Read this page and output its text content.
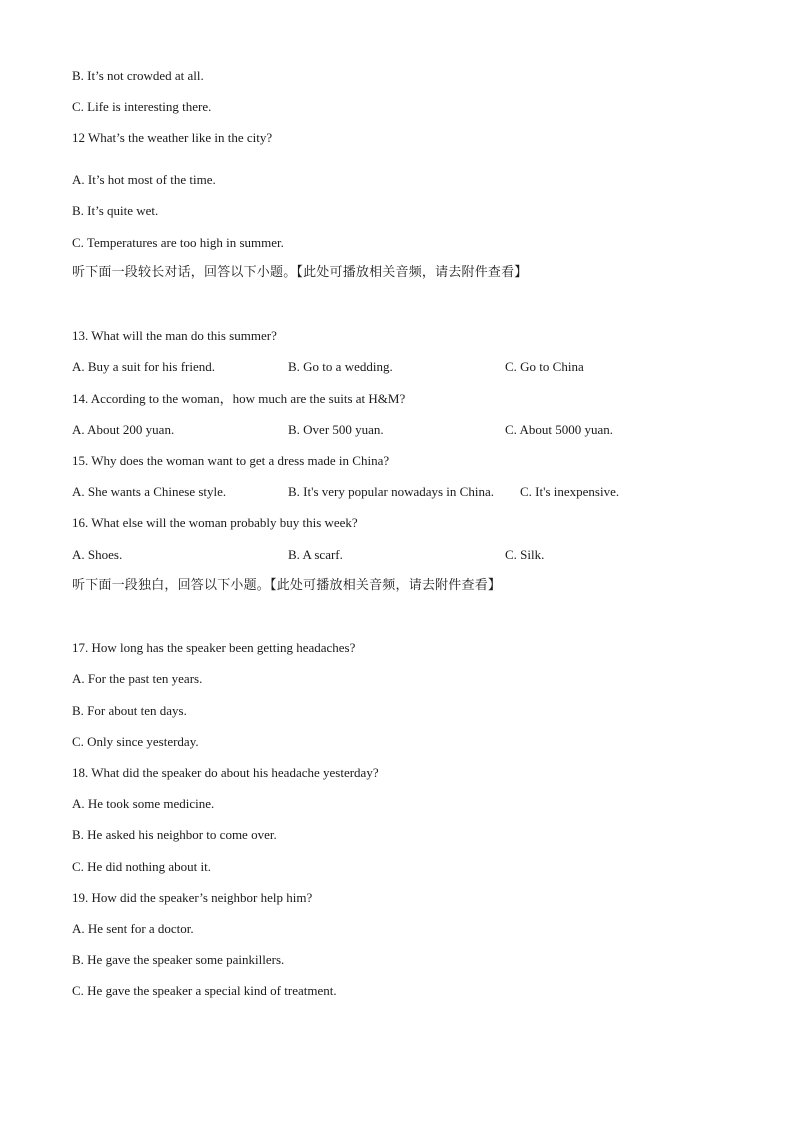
B. It’s not crowded at all.
C. Life is interesting there.
12 What’s the weather like in the city?
A. It’s hot most of the time.
B. It’s quite wet.
C. Temperatures are too high in summer.
听下面一段较长对话，回答以下小题。【此处可播放相关音频，请去附件查看】
13. What will the man do this summer?
A. Buy a suit for his friend.	B. Go to a wedding.	C. Go to China
14. According to the woman，how much are the suits at H&M?
A. About 200 yuan.	B. Over 500 yuan.	C. About 5000 yuan.
15. Why does the woman want to get a dress made in China?
A. She wants a Chinese style.	B. It's very popular nowadays in China. C. It's inexpensive.
16. What else will the woman probably buy this week?
A. Shoes.	B. A scarf.	C. Silk.
听下面一段独白，回答以下小题。【此处可播放相关音频，请去附件查看】
17. How long has the speaker been getting headaches?
A. For the past ten years.
B. For about ten days.
C. Only since yesterday.
18. What did the speaker do about his headache yesterday?
A. He took some medicine.
B. He asked his neighbor to come over.
C. He did nothing about it.
19. How did the speaker’s neighbor help him?
A. He sent for a doctor.
B. He gave the speaker some painkillers.
C. He gave the speaker a special kind of treatment.
